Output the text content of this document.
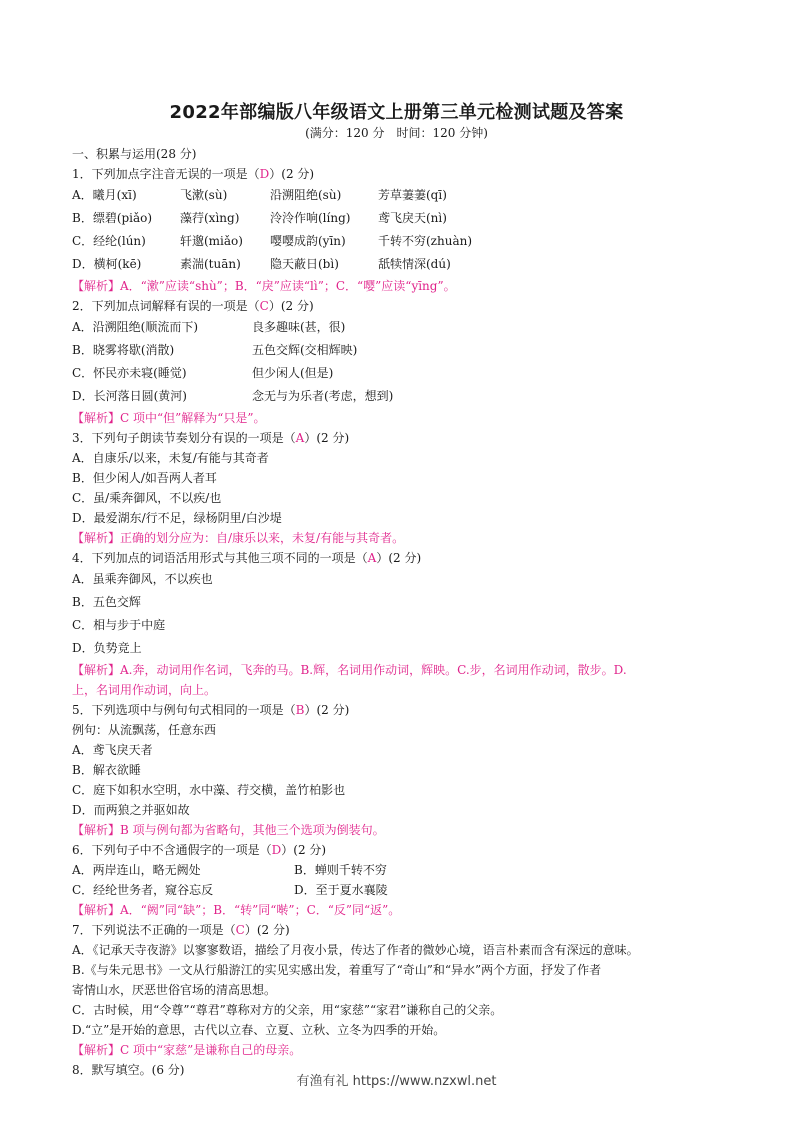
2022年部编版八年级语文上册第三单元检测试题及答案
(满分：120 分　时间：120 分钟)
一、积累与运用(28 分)
1．下列加点字注音无误的一项是（D）(2 分)
A．曦月(xī)	飞漱(sù)	沿溯阻绝(sù)	芳草萋萋(qī)
B．缥碧(piǎo) 藻荇(xìng)	泠泠作响(líng) 鸢飞戾天(nì)
C．经纶(lún)	轩邈(miǎo) 嘤嘤成韵(yīn)	千转不穷(zhuàn)
D．横柯(kē)	素湍(tuān) 隐天蔽日(bì)	舐犊情深(dú)
【解析】A．“漱”应读“shù”；B．“戾”应读“lì”；C．“嘤”应读“yīng”。
2．下列加点词解释有误的一项是（C）(2 分)
A．沿溯阻绝(顺流而下)	良多趣味(甚，很)
B．晓雾将歇(消散)	五色交辉(交相辉映)
C．怀民亦未寝(睡觉)	但少闲人(但是)
D．长河落日圆(黄河)	念无与为乐者(考虑，想到)
【解析】C 项中“但”解释为“只是”。
3．下列句子朗读节奏划分有误的一项是（A）(2 分)
A．自康乐/以来，未复/有能与其奇者
B．但少闲人/如吾两人者耳
C．虽/乘奔御风，不以疾/也
D．最爱湖东/行不足，绿杨阴里/白沙堤
【解析】正确的划分应为：自/康乐以来，未复/有能与其奇者。
4．下列加点的词语活用形式与其他三项不同的一项是（A）(2 分)
A．虽乘奔御风，不以疾也
B．五色交辉
C．相与步于中庭
D．负势竞上
【解析】A.奔，动词用作名词，飞奔的马。B.辉，名词用作动词，辉映。C.步，名词用作动词，散步。D.
上，名词用作动词，向上。
5．下列选项中与例句句式相同的一项是（B）(2 分)
例句：从流飘荡，任意东西
A．鸢飞戾天者
B．解衣欲睡
C．庭下如积水空明，水中藻、荇交横，盖竹柏影也
D．而两狼之并驱如故
【解析】B 项与例句都为省略句，其他三个选项为倒装句。
6．下列句子中不含通假字的一项是（D）(2 分)
A．两岸连山，略无阙处	B．蝉则千转不穷
C．经纶世务者，窥谷忘反	D．至于夏水襄陵
【解析】A．“阙”同“缺”；B．“转”同“啭”；C．“反”同“返”。
7．下列说法不正确的一项是（C）(2 分)
A．《记承天寺夜游》以寥寥数语，描绘了月夜小景，传达了作者的微妙心境，语言朴素而含有深远的意味。
B.《与朱元思书》一文从行船游江的实见实感出发，着重写了“奇山”和“异水”两个方面，抒发了作者
寄情山水，厌恶世俗官场的清高思想。
C．古时候，用“令尊”“尊君”尊称对方的父亲，用“家慈”“家君”谦称自己的父亲。
D.“立”是开始的意思，古代以立春、立夏、立秋、立冬为四季的开始。
【解析】C 项中“家慈”是谦称自己的母亲。
8．默写填空。(6 分)
有渔有礼 https://www.nzxwl.net
